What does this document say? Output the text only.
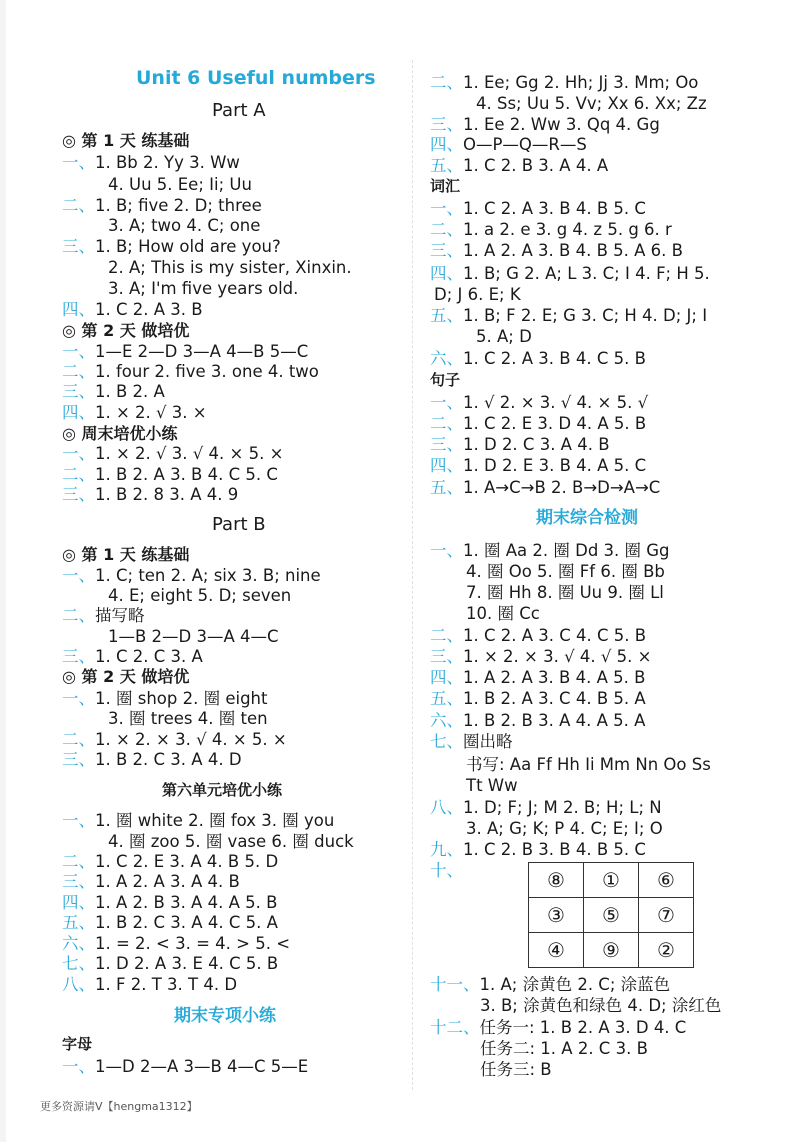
Unit 6 Useful numbers
Part A
◎ 第 1 天 练基础
一、1. Bb 2. Yy 3. Ww
4. Uu 5. Ee; Ii; Uu
二、1. B; five 2. D; three
3. A; two 4. C; one
三、1. B; How old are you?
2. A; This is my sister, Xinxin.
3. A; I'm five years old.
四、1. C 2. A 3. B
◎ 第 2 天 做培优
一、1—E 2—D 3—A 4—B 5—C
二、1. four 2. five 3. one 4. two
三、1. B 2. A
四、1. × 2. √ 3. ×
◎ 周末培优小练
一、1. × 2. √ 3. √ 4. × 5. ×
二、1. B 2. A 3. B 4. C 5. C
三、1. B 2. 8 3. A 4. 9
Part B
◎ 第 1 天 练基础
一、1. C; ten 2. A; six 3. B; nine
4. E; eight 5. D; seven
二、描写略
1—B 2—D 3—A 4—C
三、1. C 2. C 3. A
◎ 第 2 天 做培优
一、1. 圈 shop 2. 圈 eight
3. 圈 trees 4. 圈 ten
二、1. × 2. × 3. √ 4. × 5. ×
三、1. B 2. C 3. A 4. D
第六单元培优小练
一、1. 圈 white 2. 圈 fox 3. 圈 you
4. 圈 zoo 5. 圈 vase 6. 圈 duck
二、1. C 2. E 3. A 4. B 5. D
三、1. A 2. A 3. A 4. B
四、1. A 2. B 3. A 4. A 5. B
五、1. B 2. C 3. A 4. C 5. A
六、1. = 2. < 3. = 4. > 5. <
七、1. D 2. A 3. E 4. C 5. B
八、1. F 2. T 3. T 4. D
期末专项小练
字母
一、1—D 2—A 3—B 4—C 5—E
二、1. Ee; Gg 2. Hh; Jj 3. Mm; Oo
4. Ss; Uu 5. Vv; Xx 6. Xx; Zz
三、1. Ee 2. Ww 3. Qq 4. Gg
四、O—P—Q—R—S
五、1. C 2. B 3. A 4. A
词汇
一、1. C 2. A 3. B 4. B 5. C
二、1. a 2. e 3. g 4. z 5. g 6. r
三、1. A 2. A 3. B 4. B 5. A 6. B
四、1. B; G 2. A; L 3. C; I 4. F; H 5.
D; J 6. E; K
五、1. B; F 2. E; G 3. C; H 4. D; J; I
5. A; D
六、1. C 2. A 3. B 4. C 5. B
句子
一、1. √ 2. × 3. √ 4. × 5. √
二、1. C 2. E 3. D 4. A 5. B
三、1. D 2. C 3. A 4. B
四、1. D 2. E 3. B 4. A 5. C
五、1. A→C→B 2. B→D→A→C
期末综合检测
一、1. 圈 Aa 2. 圈 Dd 3. 圈 Gg
4. 圈 Oo 5. 圈 Ff 6. 圈 Bb
7. 圈 Hh 8. 圈 Uu 9. 圈 Ll
10. 圈 Cc
二、1. C 2. A 3. C 4. C 5. B
三、1. × 2. × 3. √ 4. √ 5. ×
四、1. A 2. A 3. B 4. A 5. B
五、1. B 2. A 3. C 4. B 5. A
六、1. B 2. B 3. A 4. A 5. A
七、圈出略
书写: Aa Ff Hh Ii Mm Nn Oo Ss
Tt Ww
八、1. D; F; J; M 2. B; H; L; N
3. A; G; K; P 4. C; E; I; O
九、1. C 2. B 3. B 4. B 5. C
十、
十一、1. A; 涂黄色 2. C; 涂蓝色
3. B; 涂黄色和绿色 4. D; 涂红色
十二、任务一: 1. B 2. A 3. D 4. C
任务二: 1. A 2. C 3. B
任务三: B
⑧	①	⑥
③	⑤	⑦
④	⑨	②
更多资源请V【hengma1312】
